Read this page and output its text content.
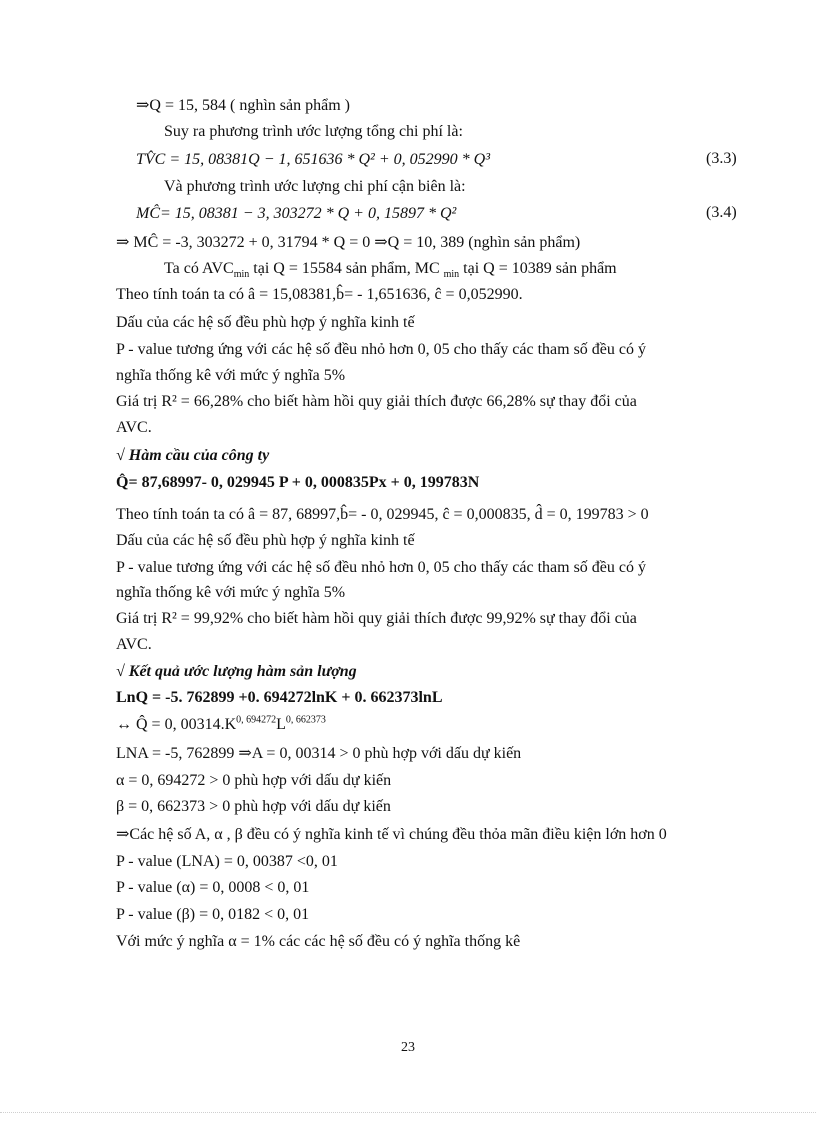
⇒Q = 15, 584 ( nghìn sản phẩm )
Suy ra phương trình ước lượng tổng chi phí là:
TV̂C = 15, 08381Q − 1, 651636 * Q² + 0, 052990 * Q³	(3.3)
Và phương trình ước lượng chi phí cận biên là:
MĈ= 15, 08381 − 3, 303272 * Q + 0, 15897 * Q²	(3.4)
⇒ MĈ = -3, 303272 + 0, 31794 * Q = 0 ⇒Q = 10, 389 (nghìn sản phẩm)
Ta có $AVC_{min}$ tại Q = 15584 sản phẩm, MC $_{min}$ tại Q = 10389 sản phẩm
Theo tính toán ta có â = 15,08381,b̂= - 1,651636, ĉ = 0,052990.
Dấu của các hệ số đều phù hợp ý nghĩa kinh tế
P - value tương ứng với các hệ số đều nhỏ hơn 0, 05 cho thấy các tham số đều có ý
nghĩa thống kê với mức ý nghĩa 5%
Giá trị R² = 66,28% cho biết hàm hồi quy giải thích được 66,28% sự thay đổi của
AVC.
√ Hàm cầu của công ty
Q̂= 87,68997- 0, 029945 P + 0, 000835Px + 0, 199783N
Theo tính toán ta có â = 87, 68997,b̂= - 0, 029945, ĉ = 0,000835, d̂ = 0, 199783 > 0
Dấu của các hệ số đều phù hợp ý nghĩa kinh tế
P - value tương ứng với các hệ số đều nhỏ hơn 0, 05 cho thấy các tham số đều có ý
nghĩa thống kê với mức ý nghĩa 5%
Giá trị R² = 99,92% cho biết hàm hồi quy giải thích được 99,92% sự thay đổi của
AVC.
√ Kết quả ước lượng hàm sản lượng
LnQ = -5. 762899 +0. 694272lnK + 0. 662373lnL
↔ Q̂ = 0, $00314.K^{0, 694272}L^{0, 662373}$
LNA = -5, 762899 ⇒A = 0, 00314 > 0 phù hợp với dấu dự kiến
α = 0, 694272 > 0 phù hợp với dấu dự kiến
β = 0, 662373 > 0 phù hợp với dấu dự kiến
⇒Các hệ số A, α , β đều có ý nghĩa kinh tế vì chúng đều thỏa mãn điều kiện lớn hơn 0
P - value (LNA) = 0, 00387 <0, 01
P - value (α) = 0, 0008 < 0, 01
P - value (β) = 0, 0182 < 0, 01
Với mức ý nghĩa α = 1% các các hệ số đều có ý nghĩa thống kê
23
